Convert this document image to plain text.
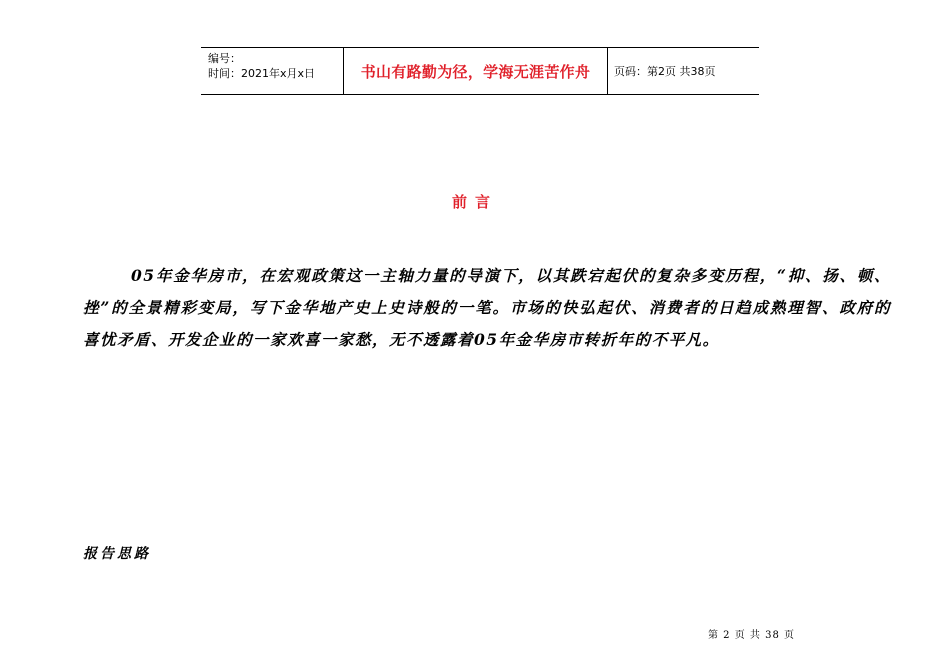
编号：
时间：2021年x月x日	书山有路勤为径，学海无涯苦作舟 页码：第2页 共38页
前言
05年金华房市，在宏观政策这一主轴力量的导演下，以其跌宕起伏的复杂多变历程，“抑、扬、顿、挫”的全景精彩变局，写下金华地产史上史诗般的一笔。市场的快弘起伏、消费者的日趋成熟理智、政府的喜忧矛盾、开发企业的一家欢喜一家愁，无不透露着05年金华房市转折年的不平凡。
报告思路
第 2 页 共 38 页
